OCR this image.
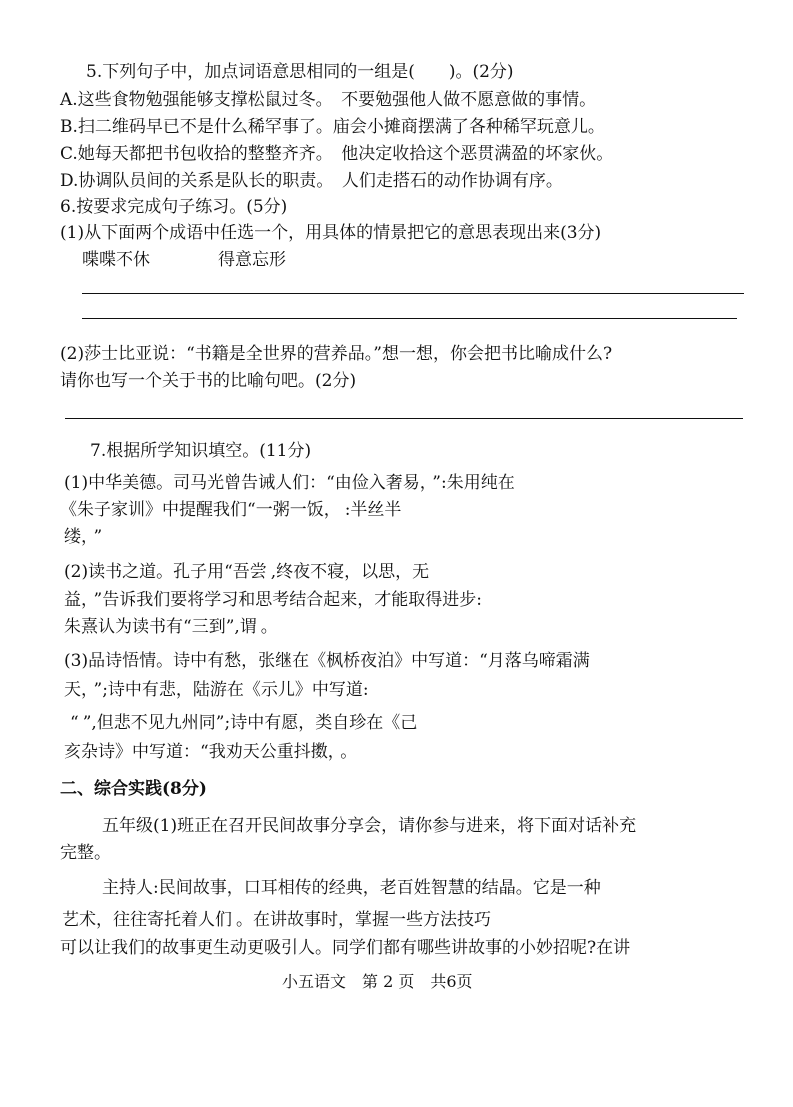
5.下列句子中，加点词语意思相同的一组是(　　)。(2分)
A.这些食物勉强能够支撑松鼠过冬。　不要勉强他人做不愿意做的事情。
B.扫二维码早已不是什么稀罕事了。庙会小摊商摆满了各种稀罕玩意儿。
C.她每天都把书包收拾的整整齐齐。　他决定收拾这个恶贯满盈的坏家伙。
D.协调队员间的关系是队长的职责。　人们走搭石的动作协调有序。
6.按要求完成句子练习。(5分)
(1)从下面两个成语中任选一个，用具体的情景把它的意思表现出来(3分)
喋喋不休	得意忘形
(2)莎士比亚说：“书籍是全世界的营养品。”想一想，你会把书比喻成什么?
请你也写一个关于书的比喻句吧。(2分)
7.根据所学知识填空。(11分)
(1)中华美德。司马光曾告诫人们：“由俭入奢易， ”:朱用纯在
《朱子家训》中提醒我们“一粥一饭， :半丝半
缕， ”
(2)读书之道。孔子用“吾尝 ,终夜不寝，以思，无
益， ”告诉我们要将学习和思考结合起来，才能取得进步:
朱熹认为读书有“三到”,谓 。
(3)品诗悟情。诗中有愁，张继在《枫桥夜泊》中写道：“月落乌啼霜满
天， ”;诗中有悲，陆游在《示儿》中写道:
“ ”,但悲不见九州同”;诗中有愿，类自珍在《己
亥杂诗》中写道：“我劝天公重抖擞， 。
二、综合实践(8分)
五年级(1)班正在召开民间故事分享会，请你参与进来，将下面对话补充
完整。
主持人:民间故事，口耳相传的经典，老百姓智慧的结晶。它是一种
艺术，往往寄托着人们 。在讲故事时，掌握一些方法技巧
可以让我们的故事更生动更吸引人。同学们都有哪些讲故事的小妙招呢?在讲
小五语文　第 2 页　共6页
